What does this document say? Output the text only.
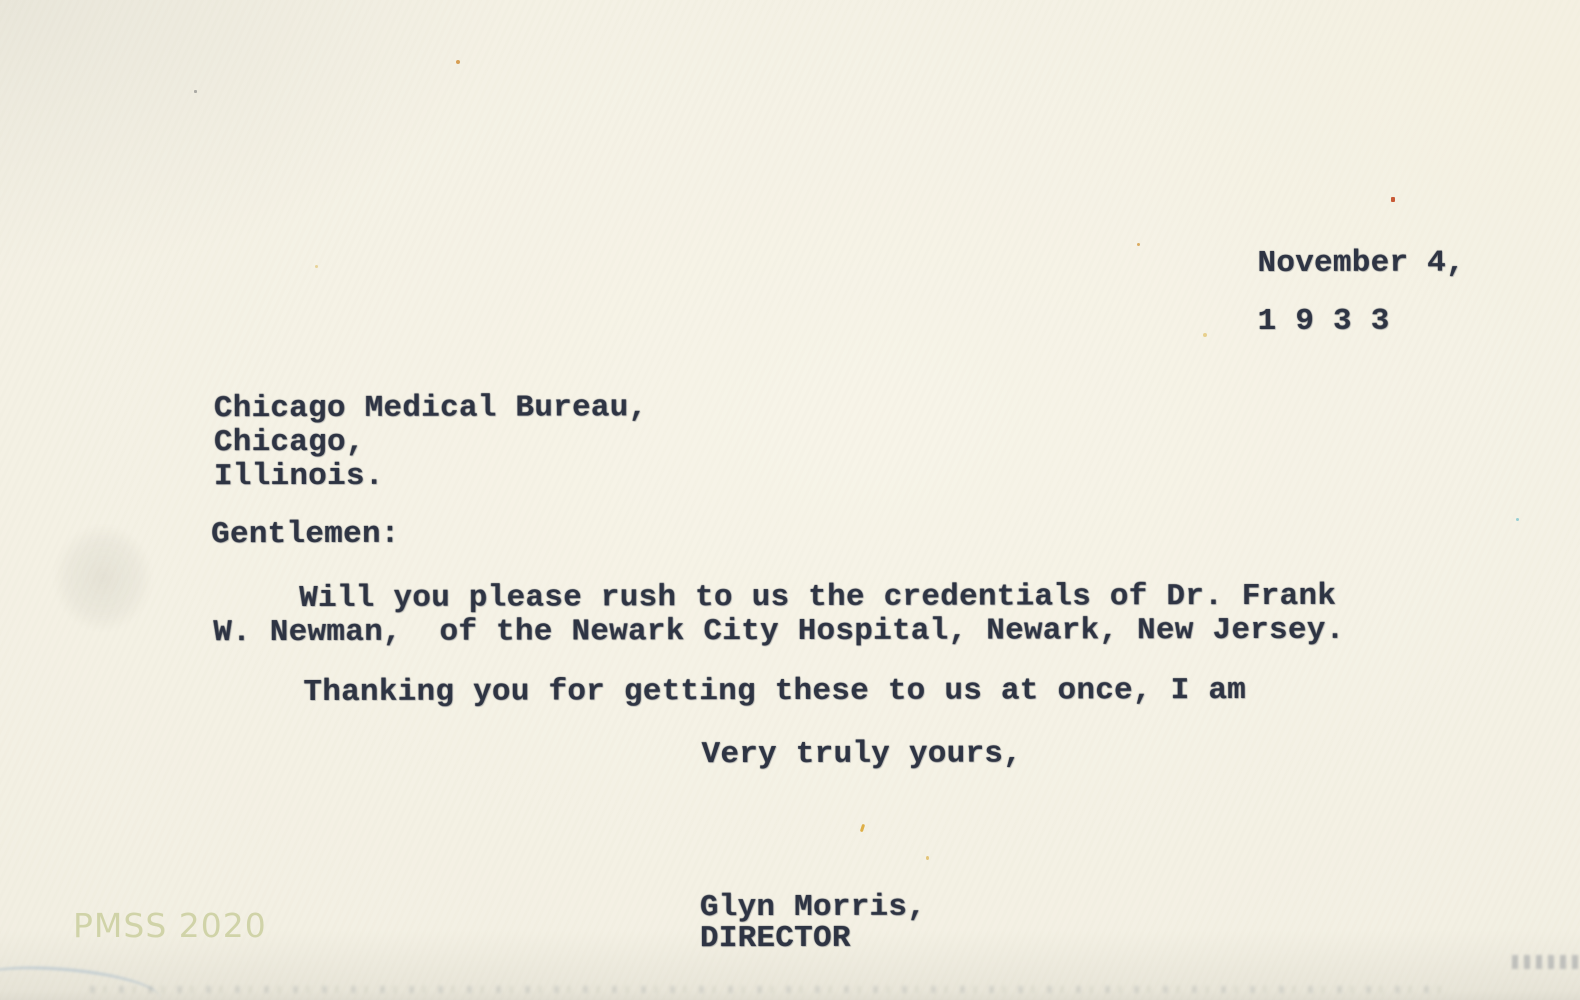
November 4,
1 9 3 3
Chicago Medical Bureau,
Chicago,
Illinois.
Gentlemen:
Will you please rush to us the credentials of Dr. Frank
W. Newman,  of the Newark City Hospital, Newark, New Jersey.
Thanking you for getting these to us at once, I am
Very truly yours,
Glyn Morris,
DIRECTOR
PMSS 2020
